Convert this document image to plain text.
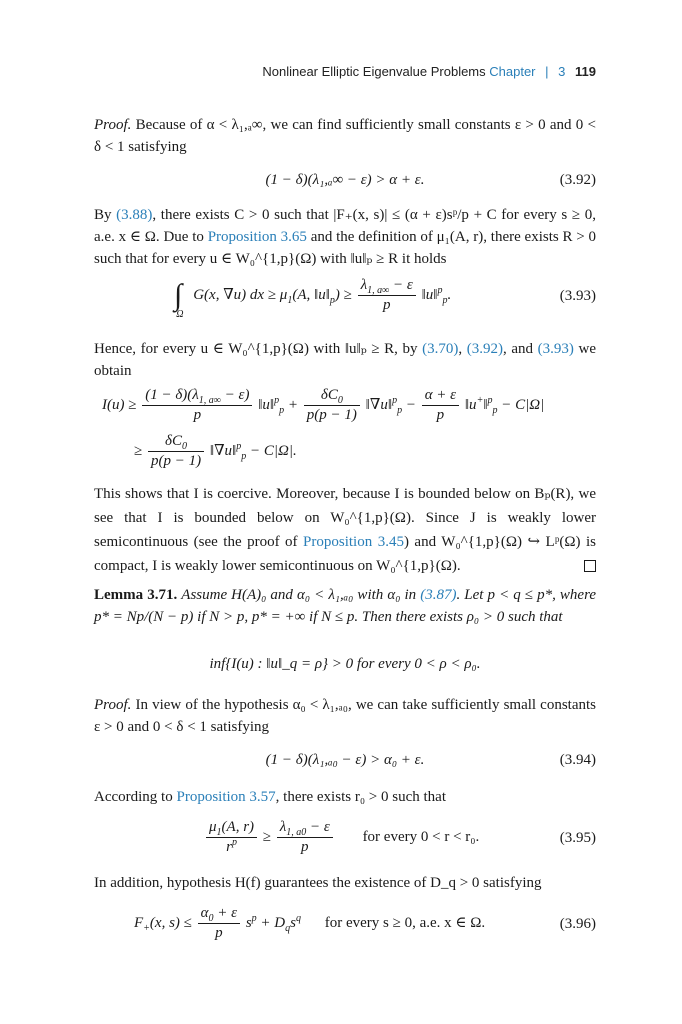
Nonlinear Elliptic Eigenvalue Problems Chapter | 3 119

Proof. Because of α < λ₁,ₐ∞, we can find sufficiently small constants ε > 0 and 0 < δ < 1 satisfying

(1 − δ)(λ₁,ₐ∞ − ε) > α + ε.	(3.92)

By (3.88), there exists C > 0 such that |F₊(x, s)| ≤ (α + ε)sᵖ/p + C for every s ≥ 0, a.e. x ∈ Ω. Due to Proposition 3.65 and the definition of μ₁(A, r), there exists R > 0 such that for every u ∈ W₀^{1,p}(Ω) with ‖u‖ₚ ≥ R it holds

$\int_\Omega$ G(x, ∇u) dx ≥ $\mu_1(A$, $‖u‖_p) \ge \frac{\lambda_{1, a\infty} - \varepsilon}{p}$ ‖u‖$^p_p$.	(3.93)

Hence, for every u ∈ W₀^{1,p}(Ω) with ‖u‖ₚ ≥ R, by (3.70), (3.92), and (3.93) we obtain

$I(u) \ge \frac{(1 - \delta)(\lambda_{1, a\infty} - \varepsilon)}{p}$ ‖u‖$^p_p$ + $\frac{\delta C_0}{p(p - 1)}$ ‖∇u‖$^p_p$ − $\frac{\alpha + \varepsilon}{p}$ ‖u+‖$^p_p$ − C|Ω|
≥ $\frac{\delta C_0}{p(p - 1)}$ ‖∇u‖$^p_p$ − C|Ω|.

This shows that I is coercive. Moreover, because I is bounded below on Bₚ(R), we see that I is bounded below on W₀^{1,p}(Ω). Since J is weakly lower semicontinuous (see the proof of Proposition 3.45) and W₀^{1,p}(Ω) ↪ Lᵖ(Ω) is compact, I is weakly lower semicontinuous on W₀^{1,p}(Ω).

Lemma 3.71. Assume H(A)₀ and α₀ < λ₁,ₐ₀ with α₀ in (3.87). Let p < q ≤ p*, where p* = Np/(N − p) if N > p, p* = +∞ if N ≤ p. Then there exists ρ₀ > 0 such that

inf{I(u) : ‖u‖_q = ρ} > 0 for every 0 < ρ < ρ₀.

Proof. In view of the hypothesis α₀ < λ₁,ₐ₀, we can take sufficiently small constants ε > 0 and 0 < δ < 1 satisfying

(1 − δ)(λ₁,ₐ₀ − ε) > α₀ + ε.	(3.94)

According to Proposition 3.57, there exists r₀ > 0 such that

$\frac{\mu_1(A, r)}{r^p} \ge \frac{\lambda_{1, a0} - \varepsilon}{p}$ for every 0 < r < r₀.	(3.95)

In addition, hypothesis H(f) guarantees the existence of D_q > 0 satisfying

$F_+(x$, $s) \le \frac{\alpha_0 + \varepsilon}{p} s^p + D_qs^q$ for every s ≥ 0, a.e. x ∈ Ω.	(3.96)
